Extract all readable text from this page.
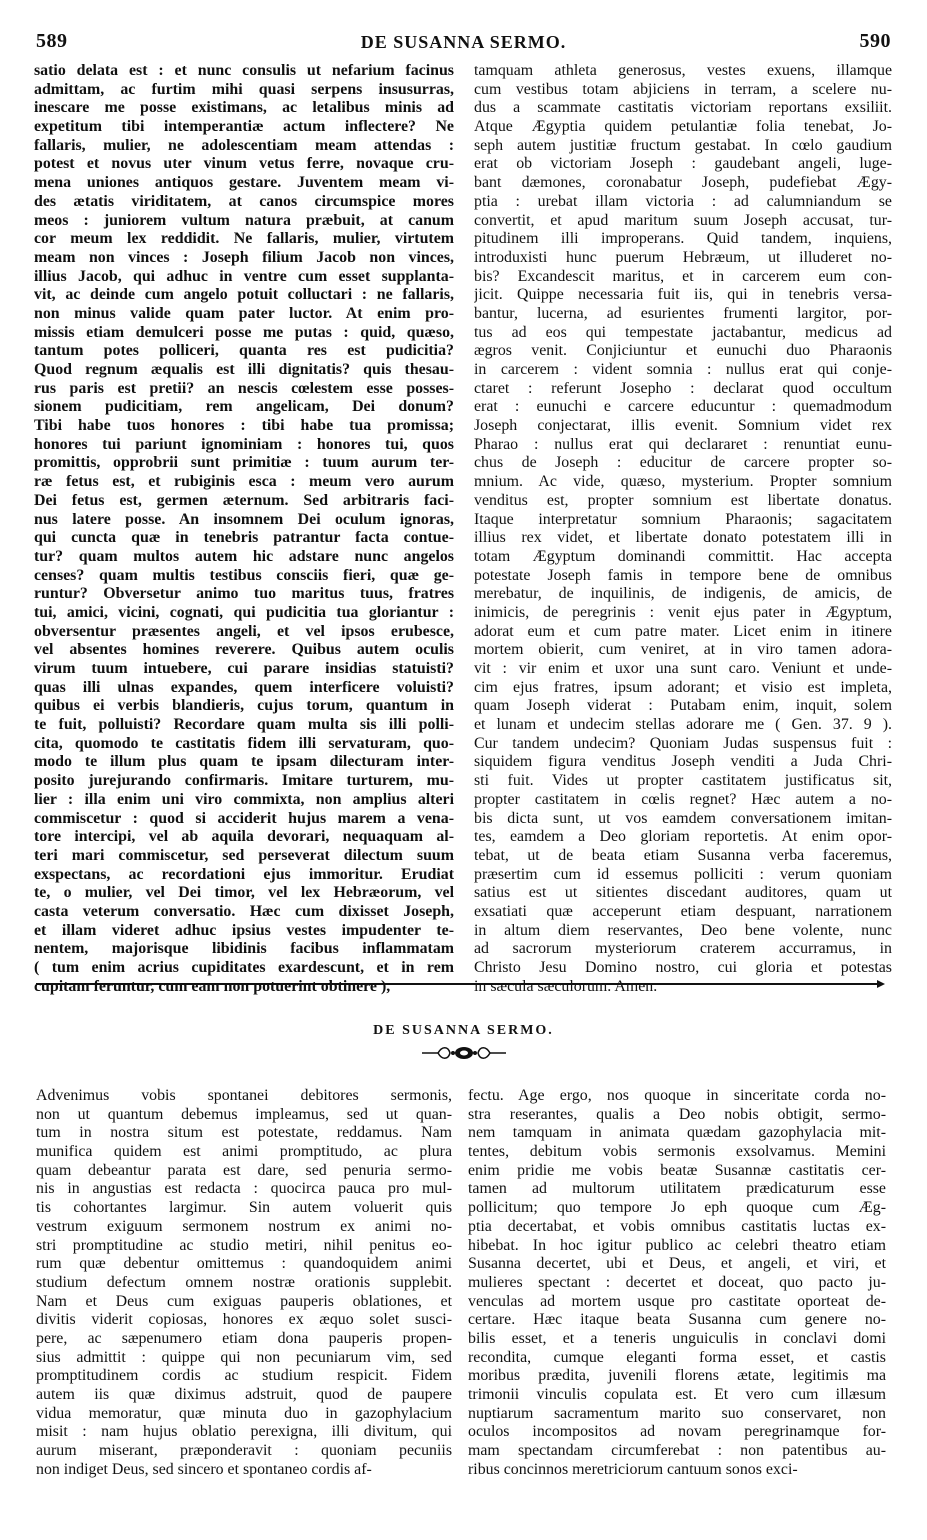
589	DE SUSANNA SERMO.	590
satio delata est : et nunc consulis ut nefarium facinus
admittam, ac furtim mihi quasi serpens insusurras,
inescare me posse existimans, ac letalibus minis ad
expetitum tibi intemperantiæ actum inflectere? Ne
fallaris, mulier, ne adolescentiam meam attendas :
potest et novus uter vinum vetus ferre, novaque cru-
mena uniones antiquos gestare. Juventem meam vi-
des ætatis viriditatem, at canos circumspice mores
meos : juniorem vultum natura præbuit, at canum
cor meum lex reddidit. Ne fallaris, mulier, virtutem
meam non vinces : Joseph filium Jacob non vinces,
illius Jacob, qui adhuc in ventre cum esset supplanta-
vit, ac deinde cum angelo potuit colluctari : ne fallaris,
non minus valide quam pater luctor. At enim pro-
missis etiam demulceri posse me putas : quid, quæso,
tantum potes polliceri, quanta res est pudicitia?
Quod regnum æqualis est illi dignitatis? quis thesau-
rus paris est pretii? an nescis cœlestem esse posses-
sionem pudicitiam, rem angelicam, Dei donum?
Tibi habe tuos honores : tibi habe tua promissa;
honores tui pariunt ignominiam : honores tui, quos
promittis, opprobrii sunt primitiæ : tuum aurum ter-
ræ fetus est, et rubiginis esca : meum vero aurum
Dei fetus est, germen æternum. Sed arbitraris faci-
nus latere posse. An insomnem Dei oculum ignoras,
qui cuncta quæ in tenebris patrantur facta contue-
tur? quam multos autem hic adstare nunc angelos
censes? quam multis testibus consciis fieri, quæ ge-
runtur? Obversetur animo tuo maritus tuus, fratres
tui, amici, vicini, cognati, qui pudicitia tua gloriantur :
obversentur præsentes angeli, et vel ipsos erubesce,
vel absentes homines reverere. Quibus autem oculis
virum tuum intuebere, cui parare insidias statuisti?
quas illi ulnas expandes, quem interficere voluisti?
quibus ei verbis blandieris, cujus torum, quantum in
te fuit, polluisti? Recordare quam multa sis illi polli-
cita, quomodo te castitatis fidem illi servaturam, quo-
modo te illum plus quam te ipsam dilecturam inter-
posito jurejurando confirmaris. Imitare turturem, mu-
lier : illa enim uni viro commixta, non amplius alteri
commiscetur : quod si acciderit hujus marem a vena-
tore intercipi, vel ab aquila devorari, nequaquam al-
teri mari commiscetur, sed perseverat dilectum suum
exspectans, ac recordationi ejus immoritur. Erudiat
te, o mulier, vel Dei timor, vel lex Hebræorum, vel
casta veterum conversatio. Hæc cum dixisset Joseph,
et illam videret adhuc ipsius vestes impudenter te-
nentem, majorisque libidinis facibus inflammatam
( tum enim acrius cupiditates exardescunt, et in rem
cupitam feruntur, cum eam non potuerint obtinere ),
tamquam athleta generosus, vestes exuens, illamque
cum vestibus totam abjiciens in terram, a scelere nu-
dus a scammate castitatis victoriam reportans exsiliit.
Atque Ægyptia quidem petulantiæ folia tenebat, Jo-
seph autem justitiæ fructum gestabat. In cœlo gaudium
erat ob victoriam Joseph : gaudebant angeli, luge-
bant dæmones, coronabatur Joseph, pudefiebat Ægy-
ptia : urebat illam victoria : ad calumniandum se
convertit, et apud maritum suum Joseph accusat, tur-
pitudinem illi improperans. Quid tandem, inquiens,
introduxisti hunc puerum Hebræum, ut illuderet no-
bis? Excandescit maritus, et in carcerem eum con-
jicit. Quippe necessaria fuit iis, qui in tenebris versa-
bantur, lucerna, ad esurientes frumenti largitor, por-
tus ad eos qui tempestate jactabantur, medicus ad
ægros venit. Conjiciuntur et eunuchi duo Pharaonis
in carcerem : vident somnia : nullus erat qui conje-
ctaret : referunt Josepho : declarat quod occultum
erat : eunuchi e carcere educuntur : quemadmodum
Joseph conjectarat, illis evenit. Somnium videt rex
Pharao : nullus erat qui declararet : renuntiat eunu-
chus de Joseph : educitur de carcere propter so-
mnium. Ac vide, quæso, mysterium. Propter somnium
venditus est, propter somnium est libertate donatus.
Itaque interpretatur somnium Pharaonis; sagacitatem
illius rex videt, et libertate donato potestatem illi in
totam Ægyptum dominandi committit. Hac accepta
potestate Joseph famis in tempore bene de omnibus
merebatur, de inquilinis, de indigenis, de amicis, de
inimicis, de peregrinis : venit ejus pater in Ægyptum,
adorat eum et cum patre mater. Licet enim in itinere
mortem obierit, cum veniret, at in viro tamen adora-
vit : vir enim et uxor una sunt caro. Veniunt et unde-
cim ejus fratres, ipsum adorant; et visio est impleta,
quam Joseph viderat : Putabam enim, inquit, solem
et lunam et undecim stellas adorare me ( Gen. 37. 9 ).
Cur tandem undecim? Quoniam Judas suspensus fuit :
siquidem figura venditus Joseph venditi a Juda Chri-
sti fuit. Vides ut propter castitatem justificatus sit,
propter castitatem in cœlis regnet? Hæc autem a no-
bis dicta sunt, ut vos eamdem conversationem imitan-
tes, eamdem a Deo gloriam reportetis. At enim opor-
tebat, ut de beata etiam Susanna verba faceremus,
præsertim cum id essemus polliciti : verum quoniam
satius est ut sitientes discedant auditores, quam ut
exsatiati quæ acceperunt etiam despuant, narrationem
in altum diem reservantes, Deo bene volente, nunc
ad sacrorum mysteriorum craterem accurramus, in
Christo Jesu Domino nostro, cui gloria et potestas
in sæcula sæculorum. Amen.
DE SUSANNA SERMO.
Advenimus vobis spontanei debitores sermonis,
non ut quantum debemus impleamus, sed ut quan-
tum in nostra situm est potestate, reddamus. Nam
munifica quidem est animi promptitudo, ac plura
quam debeantur parata est dare, sed penuria sermo-
nis in angustias est redacta : quocirca pauca pro mul-
tis cohortantes largimur. Sin autem voluerit quis
vestrum exiguum sermonem nostrum ex animi no-
stri promptitudine ac studio metiri, nihil penitus eo-
rum quæ debentur omittemus : quandoquidem animi
studium defectum omnem nostræ orationis supplebit.
Nam et Deus cum exiguas pauperis oblationes, et
divitis viderit copiosas, honores ex æquo solet susci-
pere, ac sæpenumero etiam dona pauperis propen-
sius admittit : quippe qui non pecuniarum vim, sed
promptitudinem cordis ac studium respicit. Fidem
autem iis quæ diximus adstruit, quod de paupere
vidua memoratur, quæ minuta duo in gazophylacium
misit : nam hujus oblatio perexigna, illi divitum, qui
aurum miserant, præponderavit : quoniam pecuniis
non indiget Deus, sed sincero et spontaneo cordis af-
fectu. Age ergo, nos quoque in sinceritate corda no-
stra reserantes, qualis a Deo nobis obtigit, sermo-
nem tamquam in animata quædam gazophylacia mit-
tentes, debitum vobis sermonis exsolvamus. Memini
enim pridie me vobis beatæ Susannæ castitatis cer-
tamen ad multorum utilitatem prædicaturum esse
pollicitum; quo tempore Jo eph quoque cum Æg-
ptia decertabat, et vobis omnibus castitatis luctas ex-
hibebat. In hoc igitur publico ac celebri theatro etiam
Susanna decertet, ubi et Deus, et angeli, et viri, et
mulieres spectant : decertet et doceat, quo pacto ju-
venculas ad mortem usque pro castitate oporteat de-
certare. Hæc itaque beata Susanna cum genere no-
bilis esset, et a teneris unguiculis in conclavi domi
recondita, cumque eleganti forma esset, et castis
moribus prædita, juvenili florens ætate, legitimis ma
trimonii vinculis copulata est. Et vero cum illæsum
nuptiarum sacramentum marito suo conservaret, non
oculos incompositos ad novam peregrinamque for-
mam spectandam circumferebat : non patentibus au-
ribus concinnos meretriciorum cantuum sonos exci-
